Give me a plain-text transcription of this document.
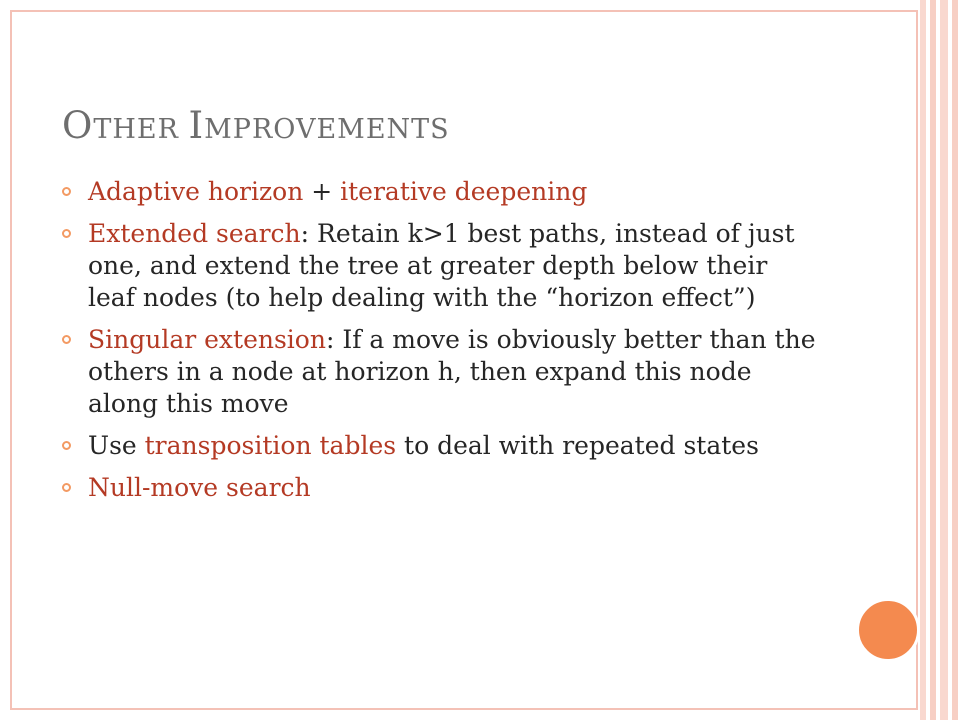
OTHER IMPROVEMENTS
Adaptive horizon + iterative deepening
Extended search: Retain k>1 best paths, instead of just one, and extend the tree at greater depth below their leaf nodes (to help dealing with the “horizon effect”)
Singular extension: If a move is obviously better than the others in a node at horizon h, then expand this node along this move
Use transposition tables to deal with repeated states
Null-move search
